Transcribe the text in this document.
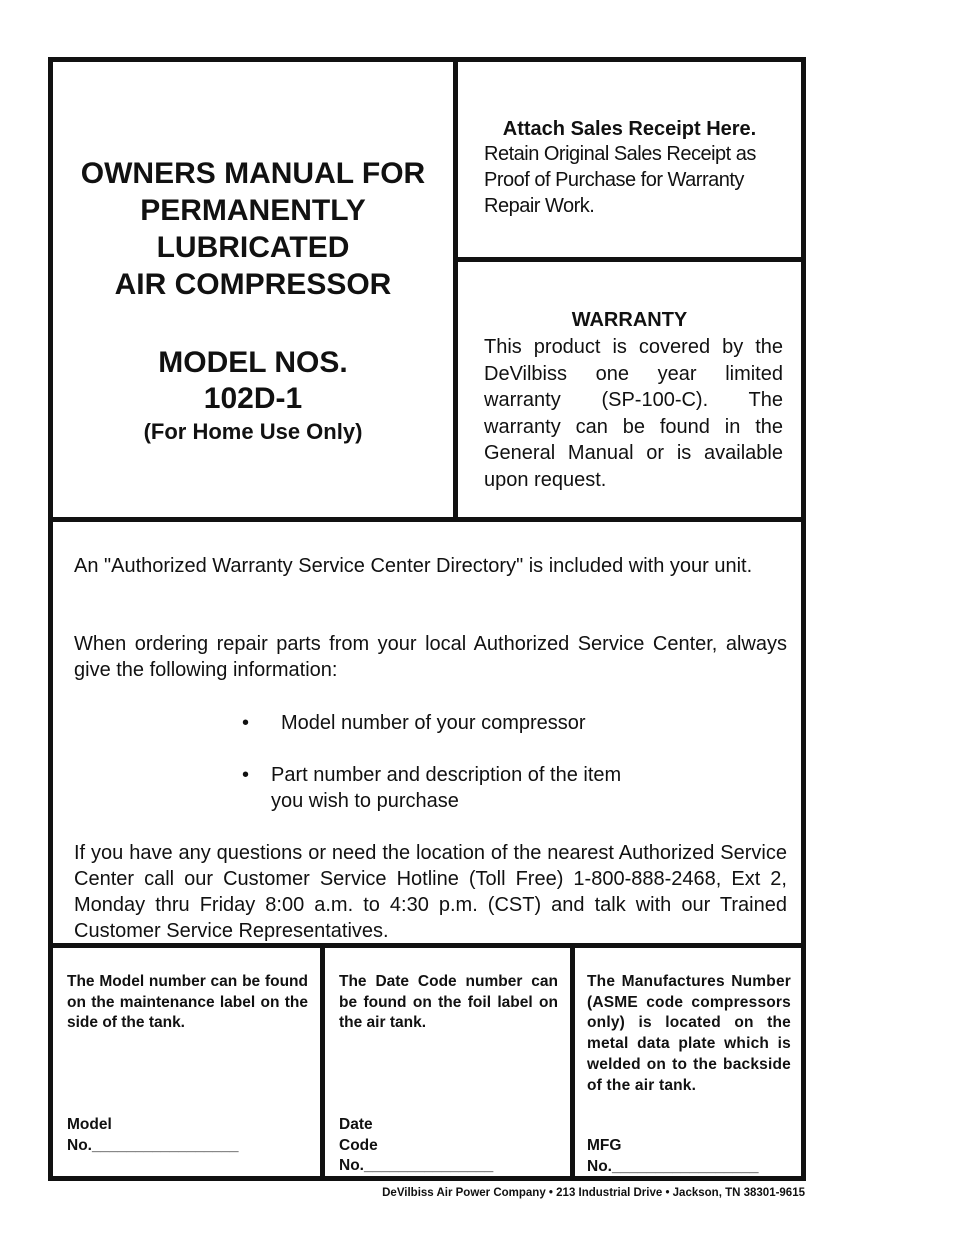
OWNERS MANUAL FOR
PERMANENTLY
LUBRICATED
AIR COMPRESSOR
MODEL NOS.
102D-1
(For Home Use Only)
Attach Sales Receipt Here.
Retain Original Sales Receipt as Proof of Purchase for Warranty Repair Work.
WARRANTY
This product is covered by the DeVilbiss one year limited warranty (SP-100-C). The warranty can be found in the General Manual or is available upon request.
An "Authorized Warranty Service Center Directory" is included with your unit.
When ordering repair parts from your local Authorized Service Center, always give the following information:
• Model number of your compressor
• Part number and description of the item
you wish to purchase
If you have any questions or need the location of the nearest Authorized Service Center call our Customer Service Hotline (Toll Free) 1-800-888-2468, Ext 2, Monday thru Friday 8:00 a.m. to 4:30 p.m. (CST) and talk with our Trained Customer Service Representatives.
The Model number can be found on the maintenance label on the side of the tank.
Model
No._________________
The Date Code number can be found on the foil label on the air tank.
Date
Code
No._______________
The Manufactures Number (ASME code compressors only) is located on the metal data plate which is welded on to the backside of the air tank.
MFG
No._________________
DeVilbiss Air Power Company • 213 Industrial Drive • Jackson, TN 38301-9615
